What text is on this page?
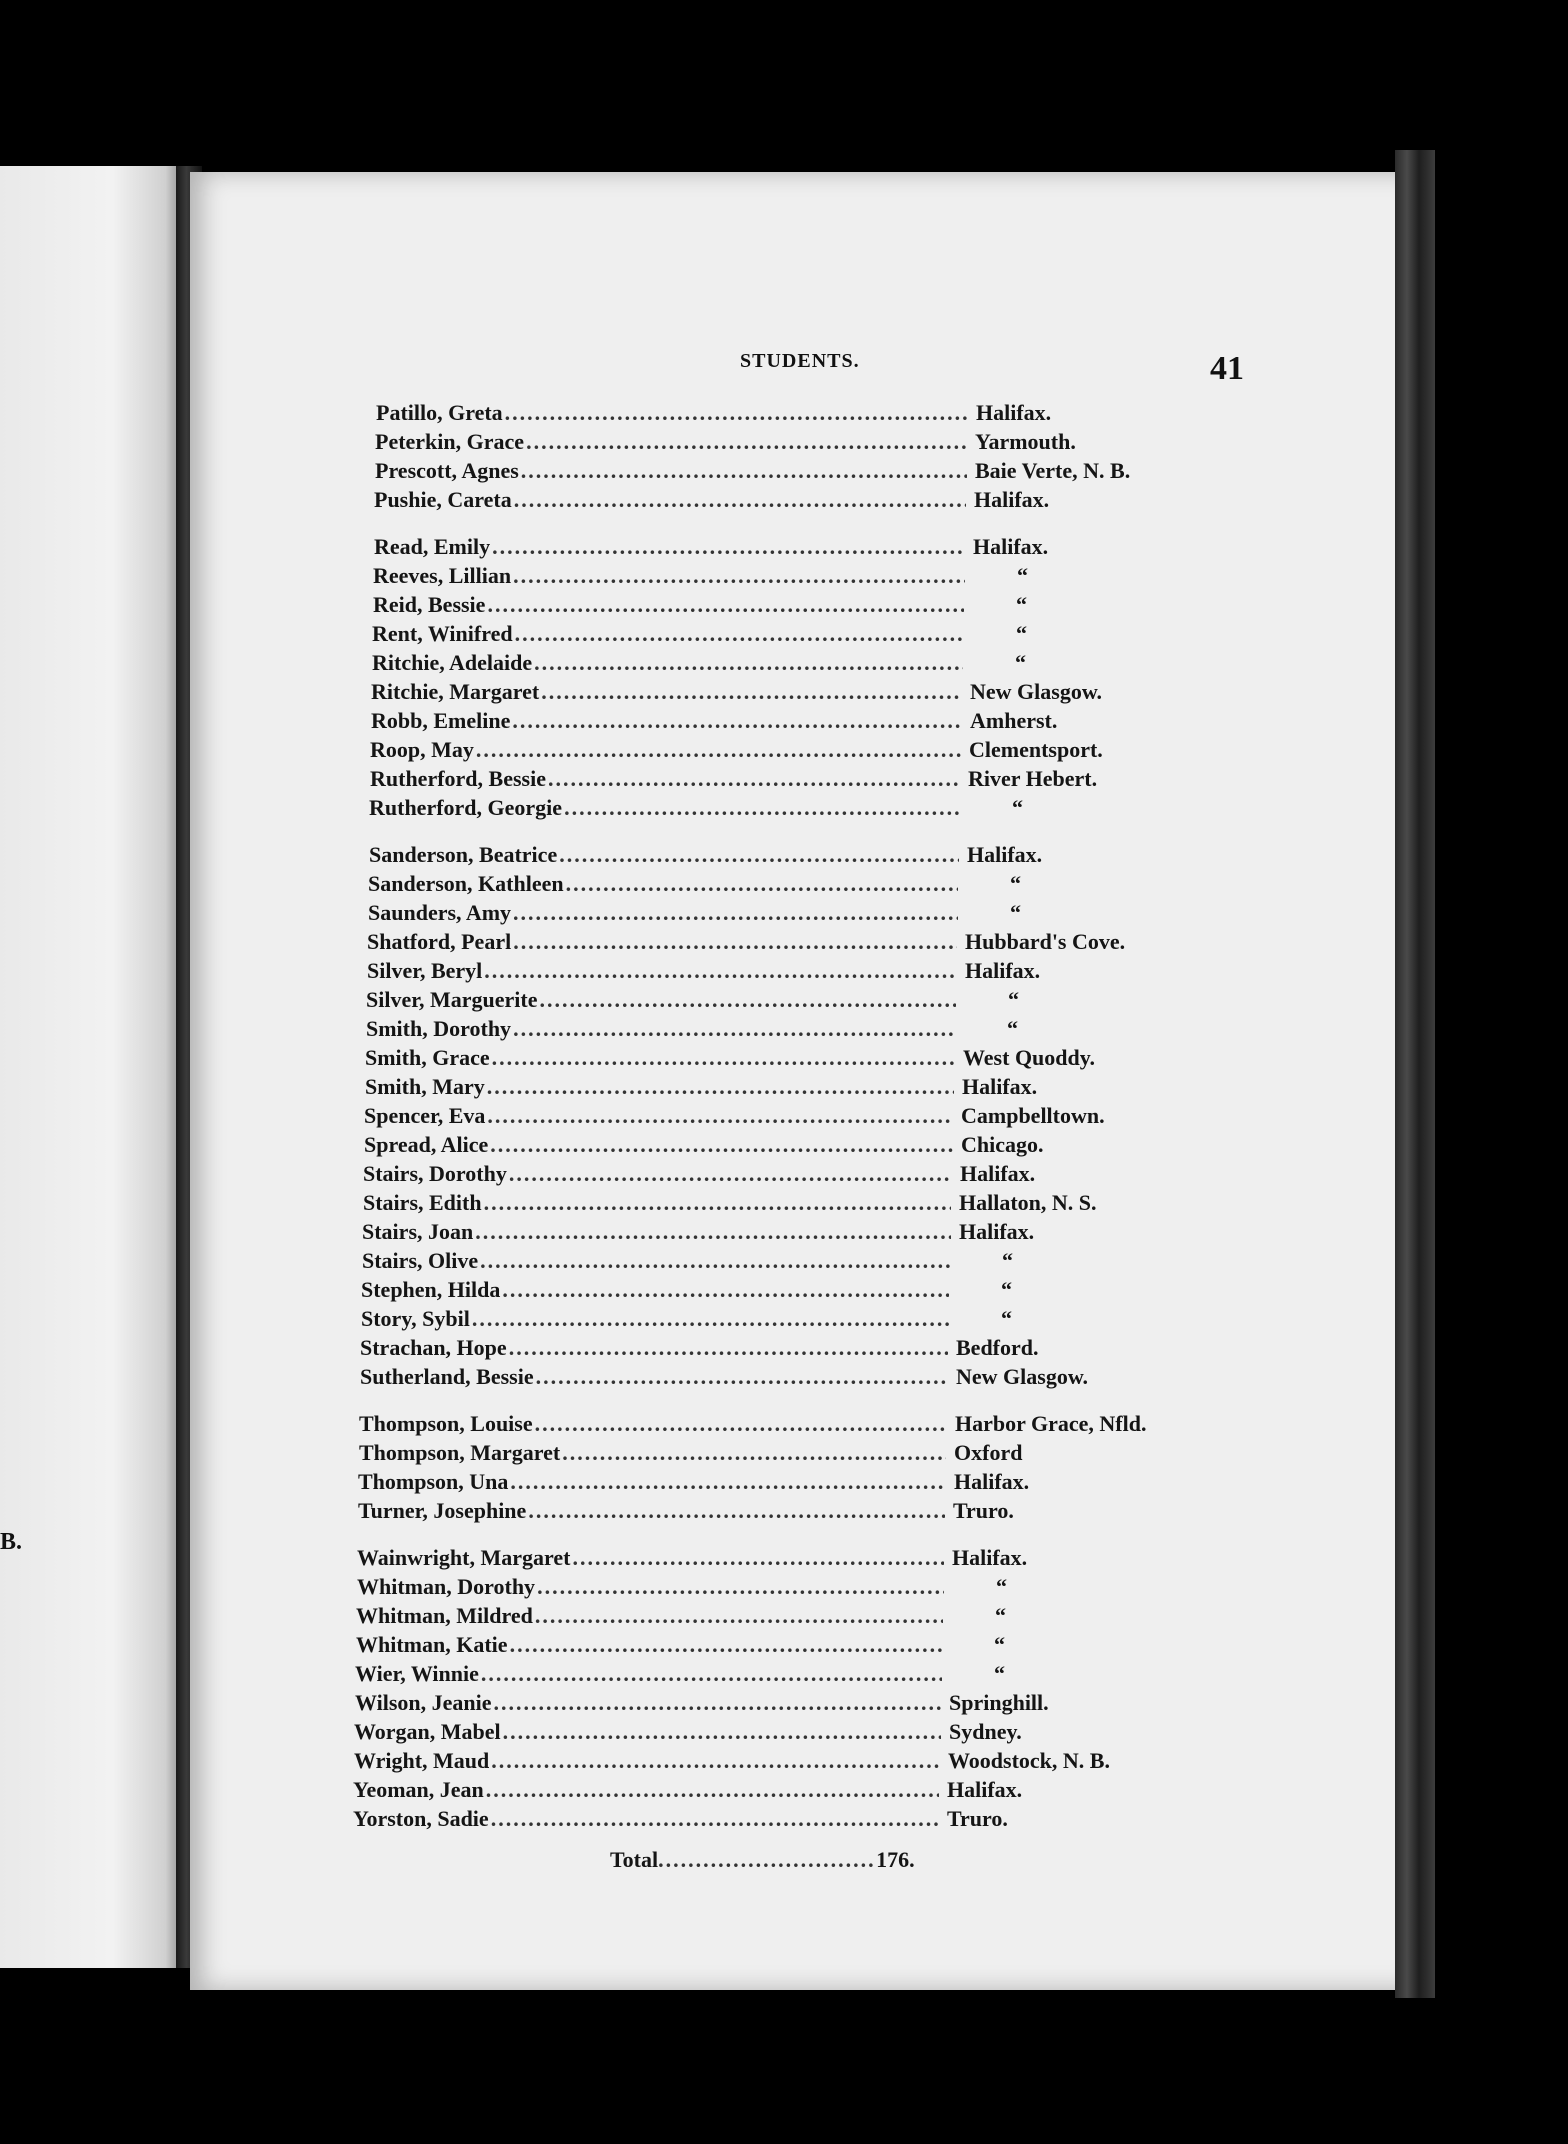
B.
STUDENTS.	41
Patillo, Greta .....	Halifax.
Peterkin, Grace .....	Yarmouth.
Prescott, Agnes .....	Baie Verte, N. B.
Pushie, Careta .....	Halifax.
Read, Emily .....	Halifax.
Reeves, Lillian .....	“
Reid, Bessie .....	“
Rent, Winifred .....	“
Ritchie, Adelaide .....	“
Ritchie, Margaret .....	New Glasgow.
Robb, Emeline .....	Amherst.
Roop, May .....	Clementsport.
Rutherford, Bessie .....	River Hebert.
Rutherford, Georgie .....	“
Sanderson, Beatrice .....	Halifax.
Sanderson, Kathleen .....	“
Saunders, Amy .....	“
Shatford, Pearl .....	Hubbard's Cove.
Silver, Beryl .....	Halifax.
Silver, Marguerite .....	“
Smith, Dorothy .....	“
Smith, Grace .....	West Quoddy.
Smith, Mary .....	Halifax.
Spencer, Eva .....	Campbelltown.
Spread, Alice .....	Chicago.
Stairs, Dorothy .....	Halifax.
Stairs, Edith .....	Hallaton, N. S.
Stairs, Joan .....	Halifax.
Stairs, Olive .....	“
Stephen, Hilda .....	“
Story, Sybil .....	“
Strachan, Hope .....	Bedford.
Sutherland, Bessie .....	New Glasgow.
Thompson, Louise .....	Harbor Grace, Nfld.
Thompson, Margaret .....	Oxford
Thompson, Una .....	Halifax.
Turner, Josephine .....	Truro.
Wainwright, Margaret .....	Halifax.
Whitman, Dorothy .....	“
Whitman, Mildred .....	“
Whitman, Katie .....	“
Wier, Winnie .....	“
Wilson, Jeanie .....	Springhill.
Worgan, Mabel .....	Sydney.
Wright, Maud .....	Woodstock, N. B.
Yeoman, Jean .....	Halifax.
Yorston, Sadie .....	Truro.
Total .....	176.
